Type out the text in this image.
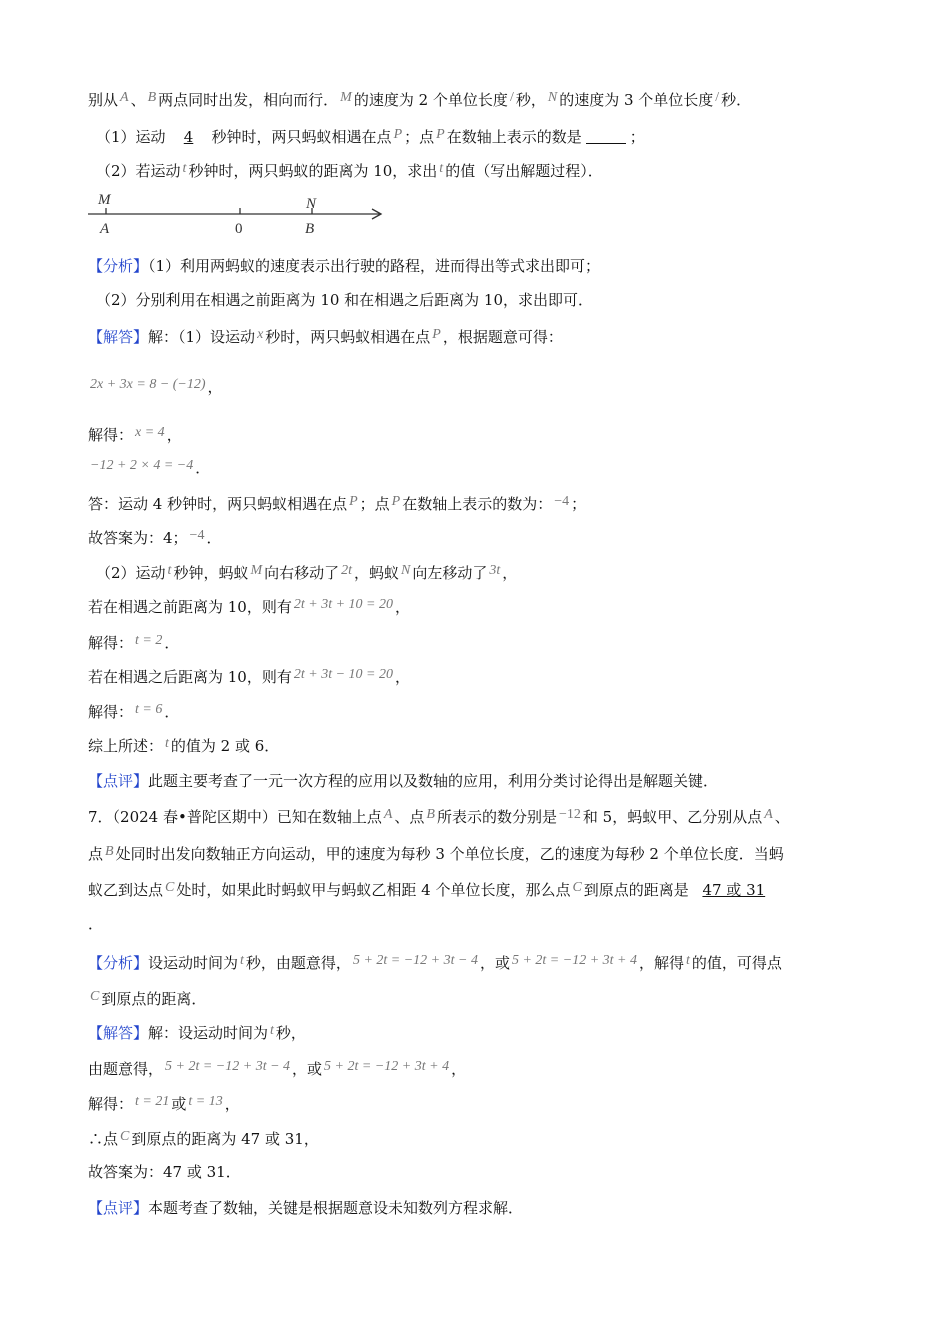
别从 A 、 B 两点同时出发，相向而行． M 的速度为 2 个单位长度 / 秒， N 的速度为 3 个单位长度 / 秒．
（1）运动 4 秒钟时，两只蚂蚁相遇在点 P ；点 P 在数轴上表示的数是	；
（2）若运动 t 秒钟时，两只蚂蚁的距离为 10，求出 t 的值（写出解题过程）．
M	N
A	0	B
【分析】（1）利用两蚂蚁的速度表示出行驶的路程，进而得出等式求出即可；
（2）分别利用在相遇之前距离为 10 和在相遇之后距离为 10，求出即可．
【解答】解：（1）设运动 x 秒时，两只蚂蚁相遇在点 P ，根据题意可得：
2x + 3x = 8 − (−12) ，
解得： x = 4 ，
−12 + 2 × 4 = −4 ．
答：运动 4 秒钟时，两只蚂蚁相遇在点 P ；点 P 在数轴上表示的数为： −4 ；
故答案为：4； −4 ．
（2）运动 t 秒钟，蚂蚁 M 向右移动了 2t ，蚂蚁 N 向左移动了 3t ，
若在相遇之前距离为 10，则有 2t + 3t + 10 = 20 ，
解得： t = 2 ．
若在相遇之后距离为 10，则有 2t + 3t − 10 = 20 ，
解得： t = 6 ．
综上所述： t 的值为 2 或 6．
【点评】此题主要考查了一元一次方程的应用以及数轴的应用，利用分类讨论得出是解题关键．
7．（2024 春•普陀区期中）已知在数轴上点 A 、点 B 所表示的数分别是 −12 和 5，蚂蚁甲、乙分别从点 A 、
点 B 处同时出发向数轴正方向运动，甲的速度为每秒 3 个单位长度，乙的速度为每秒 2 个单位长度．当蚂
蚁乙到达点 C 处时，如果此时蚂蚁甲与蚂蚁乙相距 4 个单位长度，那么点 C 到原点的距离是 47 或 31
．
【分析】设运动时间为 t 秒，由题意得， 5 + 2t = −12 + 3t − 4 ，或 5 + 2t = −12 + 3t + 4 ，解得 t 的值，可得点
C 到原点的距离．
【解答】解：设运动时间为 t 秒，
由题意得， 5 + 2t = −12 + 3t − 4 ，或 5 + 2t = −12 + 3t + 4 ，
解得： t = 21 或 t = 13 ，
∴点 C 到原点的距离为 47 或 31，
故答案为：47 或 31．
【点评】本题考查了数轴，关键是根据题意设未知数列方程求解．
